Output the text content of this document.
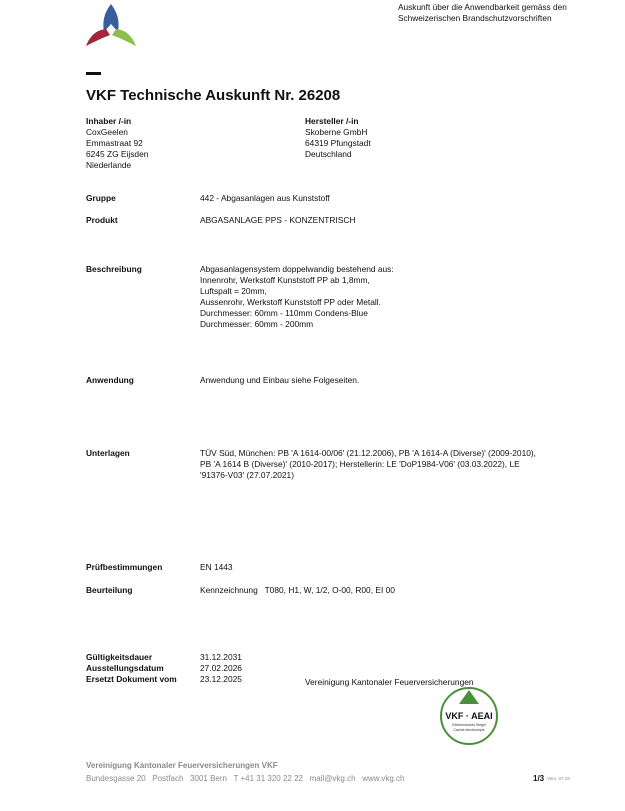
Auskunft über die Anwendbarkeit gemäss den
Schweizerischen Brandschutzvorschriften
VKF Technische Auskunft Nr. 26208
Inhaber /-in
CoxGeelen
Emmastraat 92
6245 ZG Eijsden
Niederlande
Hersteller /-in
Skoberne GmbH
64319 Pfungstadt
Deutschland
Gruppe	442 - Abgasanlagen aus Kunststoff
Produkt	ABGASANLAGE PPS - KONZENTRISCH
Beschreibung	Abgasanlagensystem doppelwandig bestehend aus:
Innenrohr, Werkstoff Kunststoff PP ab 1,8mm,
Luftspalt = 20mm,
Aussenrohr, Werkstoff Kunststoff PP oder Metall.
Durchmesser: 60mm - 110mm Condens-Blue
Durchmesser: 60mm - 200mm
Anwendung	Anwendung und Einbau siehe Folgeseiten.
Unterlagen	TÜV Süd, München: PB 'A 1614-00/06' (21.12.2006), PB 'A 1614-A (Diverse)' (2009-2010),
PB 'A 1614 B (Diverse)' (2010-2017); Herstellerin: LE 'DoP1984-V06' (03.03.2022), LE
'91376-V03' (27.07.2021)
Prüfbestimmungen	EN 1443
Beurteilung	Kennzeichnung   T080, H1, W, 1/2, O-00, R00, EI 00
Gültigkeitsdauer	31.12.2031
Ausstellungsdatum	27.02.2026
Ersetzt Dokument vom	23.12.2025	Vereinigung Kantonaler Feuerversicherungen
VKF · AEAI
Elektronisches Siegel
Cachet électronique
Vereinigung Kantonaler Feuerversicherungen VKF
Bundesgasse 20   Postfach   3001 Bern   T +41 31 320 22 22   mail@vkg.ch   www.vkg.ch	1/3 Vers. 07.19
